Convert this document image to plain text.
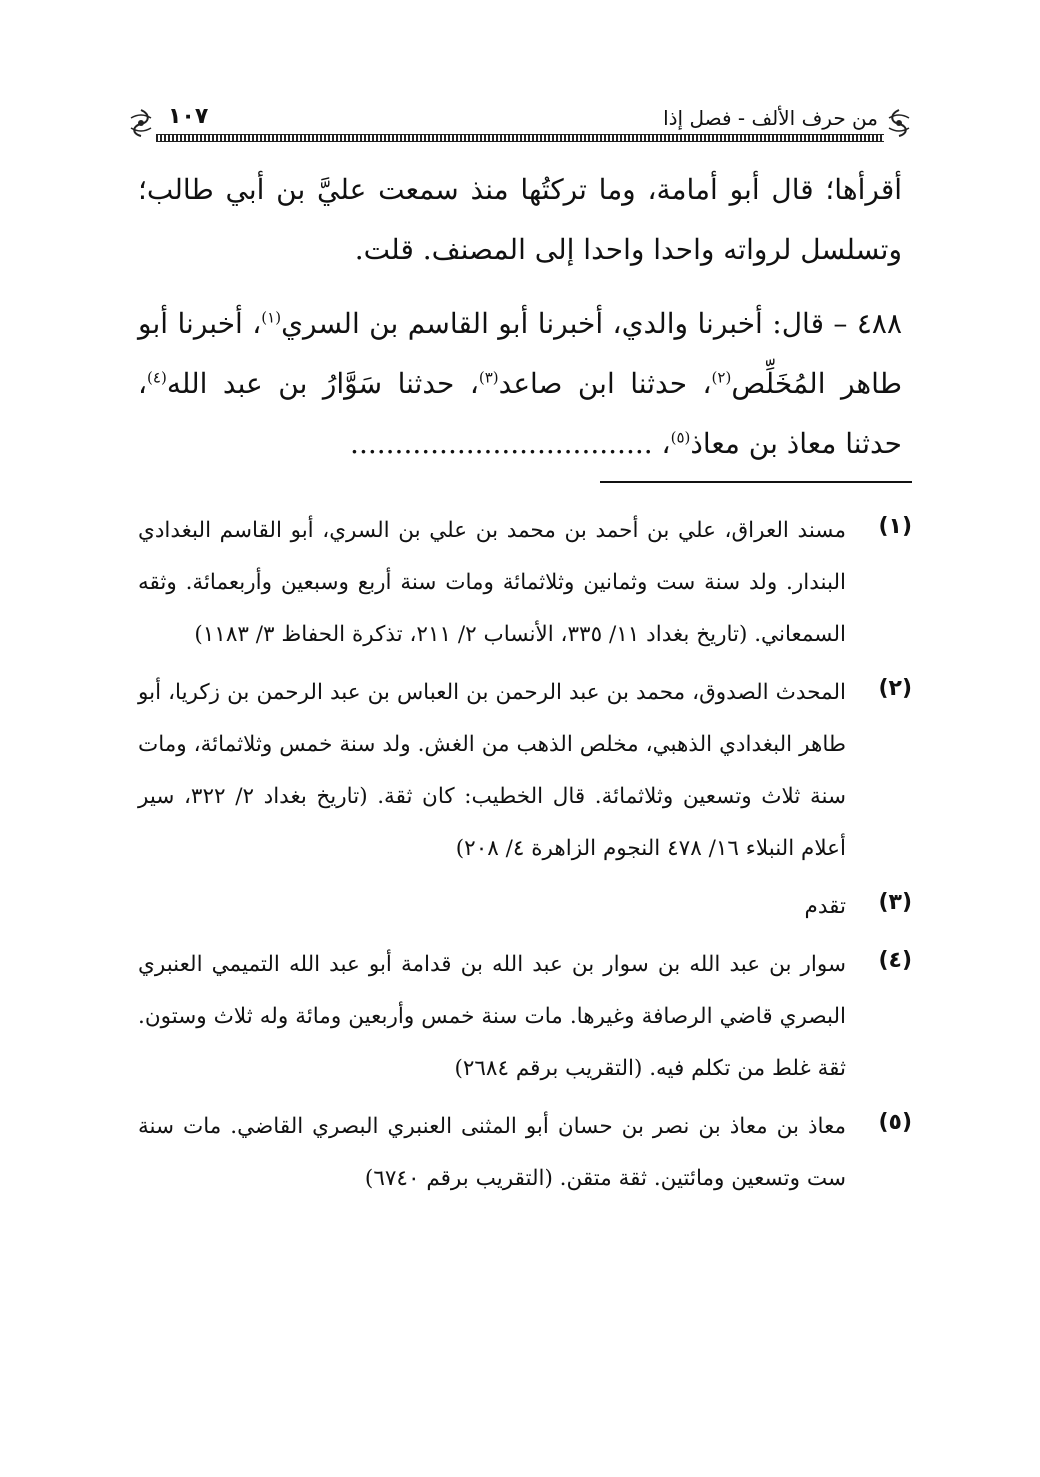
من حرف الألف - فصل إذا
١٠٧

أقرأها؛ قال أبو أمامة، وما تركتُها منذ سمعت عليَّ بن أبي طالب؛ وتسلسل لرواته واحدا واحدا إلى المصنف. قلت.

٤٨٨ – قال: أخبرنا والدي، أخبرنا أبو القاسم بن السري$^{(١)}$، أخبرنا أبو طاهر المُخَلِّص$^{(٢)}$، حدثنا ابن صاعد$^{(٣)}$، حدثنا سَوَّارُ بن عبد الله$^{(٤)}$، حدثنا معاذ بن معاذ$^{(٥)}$، ..................................

(١)
مسند العراق، علي بن أحمد بن محمد بن علي بن السري، أبو القاسم البغدادي البندار. ولد سنة ست وثمانين وثلاثمائة ومات سنة أربع وسبعين وأربعمائة. وثقه السمعاني. (تاريخ بغداد ١١/ ٣٣٥، الأنساب ٢/ ٢١١، تذكرة الحفاظ ٣/ ١١٨٣)
(٢)
المحدث الصدوق، محمد بن عبد الرحمن بن العباس بن عبد الرحمن بن زكريا، أبو طاهر البغدادي الذهبي، مخلص الذهب من الغش. ولد سنة خمس وثلاثمائة، ومات سنة ثلاث وتسعين وثلاثمائة. قال الخطيب: كان ثقة. (تاريخ بغداد ٢/ ٣٢٢، سير أعلام النبلاء ١٦/ ٤٧٨ النجوم الزاهرة ٤/ ٢٠٨)
(٣)
تقدم
(٤)
سوار بن عبد الله بن سوار بن عبد الله بن قدامة أبو عبد الله التميمي العنبري البصري قاضي الرصافة وغيرها. مات سنة خمس وأربعين ومائة وله ثلاث وستون. ثقة غلط من تكلم فيه. (التقريب برقم ٢٦٨٤)
(٥)
معاذ بن معاذ بن نصر بن حسان أبو المثنى العنبري البصري القاضي. مات سنة ست وتسعين ومائتين. ثقة متقن. (التقريب برقم ٦٧٤٠)
